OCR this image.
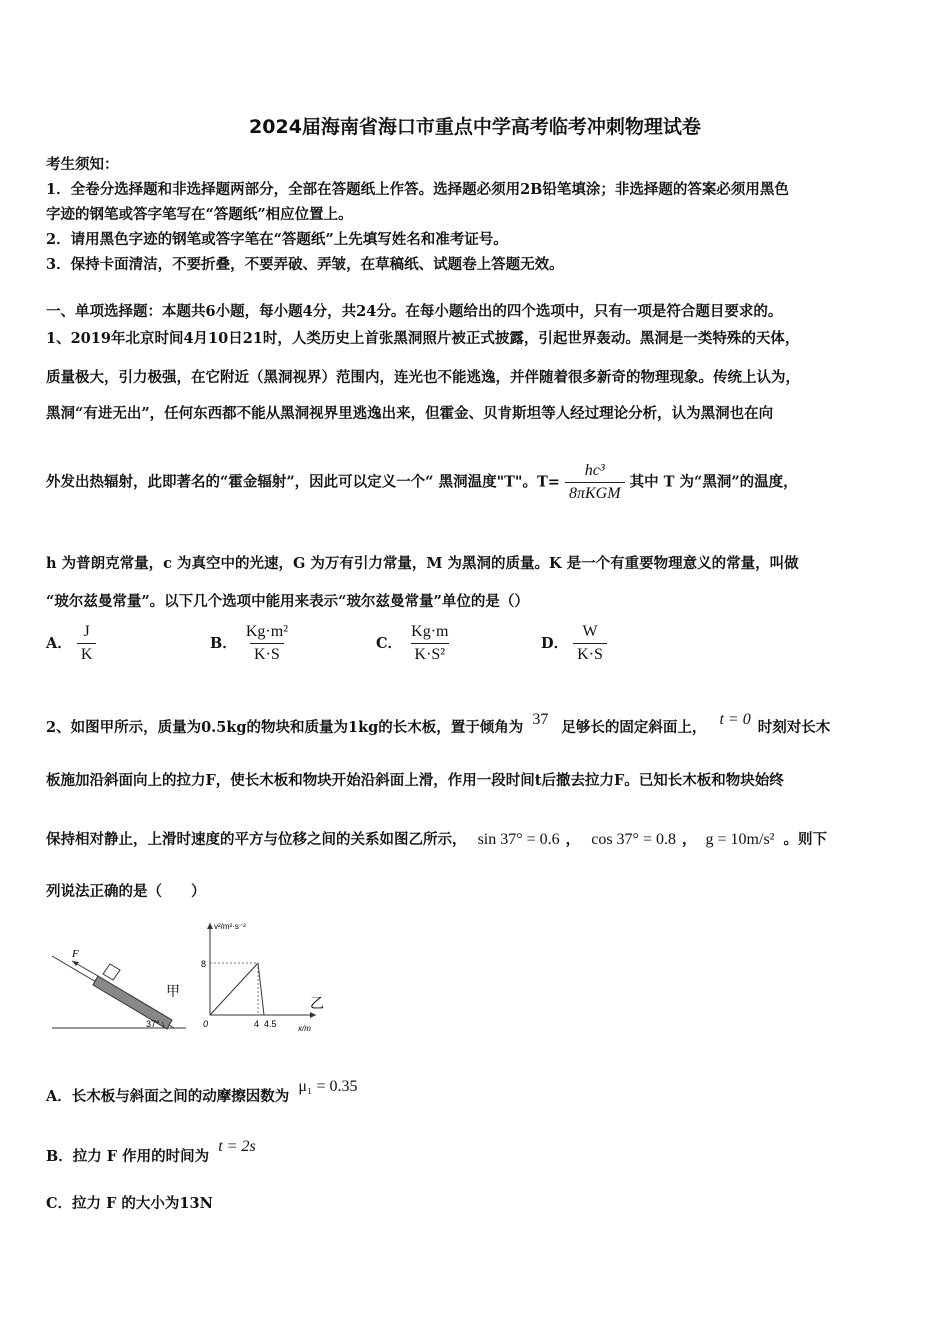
2024届海南省海口市重点中学高考临考冲刺物理试卷
考生须知：
1．全卷分选择题和非选择题两部分，全部在答题纸上作答。选择题必须用2B铅笔填涂；非选择题的答案必须用黑色
字迹的钢笔或答字笔写在“答题纸”相应位置上。
2．请用黑色字迹的钢笔或答字笔在“答题纸”上先填写姓名和准考证号。
3．保持卡面清洁，不要折叠，不要弄破、弄皱，在草稿纸、试题卷上答题无效。
一、单项选择题：本题共6小题，每小题4分，共24分。在每小题给出的四个选项中，只有一项是符合题目要求的。
1、2019年北京时间4月10日21时，人类历史上首张黑洞照片被正式披露，引起世界轰动。黑洞是一类特殊的天体，
质量极大，引力极强，在它附近（黑洞视界）范围内，连光也不能逃逸，并伴随着很多新奇的物理现象。传统上认为，
黑洞“有进无出”，任何东西都不能从黑洞视界里逃逸出来，但霍金、贝肯斯坦等人经过理论分析，认为黑洞也在向
外发出热辐射，此即著名的“霍金辐射”，因此可以定义一个“ 黑洞温度"T"。$T= \frac{\text{hc³}}{\text{8πKGM}}$ 其中 T 为“黑洞”的温度，
h 为普朗克常量，c 为真空中的光速，G 为万有引力常量，M 为黑洞的质量。K 是一个有重要物理意义的常量，叫做
“玻尔兹曼常量”。以下几个选项中能用来表示“玻尔兹曼常量”单位的是（）
A． $\frac{J}{K}$	B． $\frac{\text{Kg·m²}}{K\cdot S}$	C． $\frac{Kg\cdot m}{\text{K·S²}}$	D． $\frac{W}{K\cdot S}$
2、如图甲所示，质量为0.5kg的物块和质量为1kg的长木板，置于倾角为 37 足够长的固定斜面上， t = 0 时刻对长木
板施加沿斜面向上的拉力F，使长木板和物块开始沿斜面上滑，作用一段时间t后撤去拉力F。已知长木板和物块始终
保持相对静止，上滑时速度的平方与位移之间的关系如图乙所示， sin 37° = 0.6 ， cos 37° = 0.8 ， g = 10m/s² 。则下
列说法正确的是（　　）
F
37°
甲
v²/m²·s⁻²
x/m
8
0	4 4.5
乙
A．长木板与斜面之间的动摩擦因数为 μ₁ = 0.35
B．拉力 F 作用的时间为 t = 2s
C．拉力 F 的大小为13N
